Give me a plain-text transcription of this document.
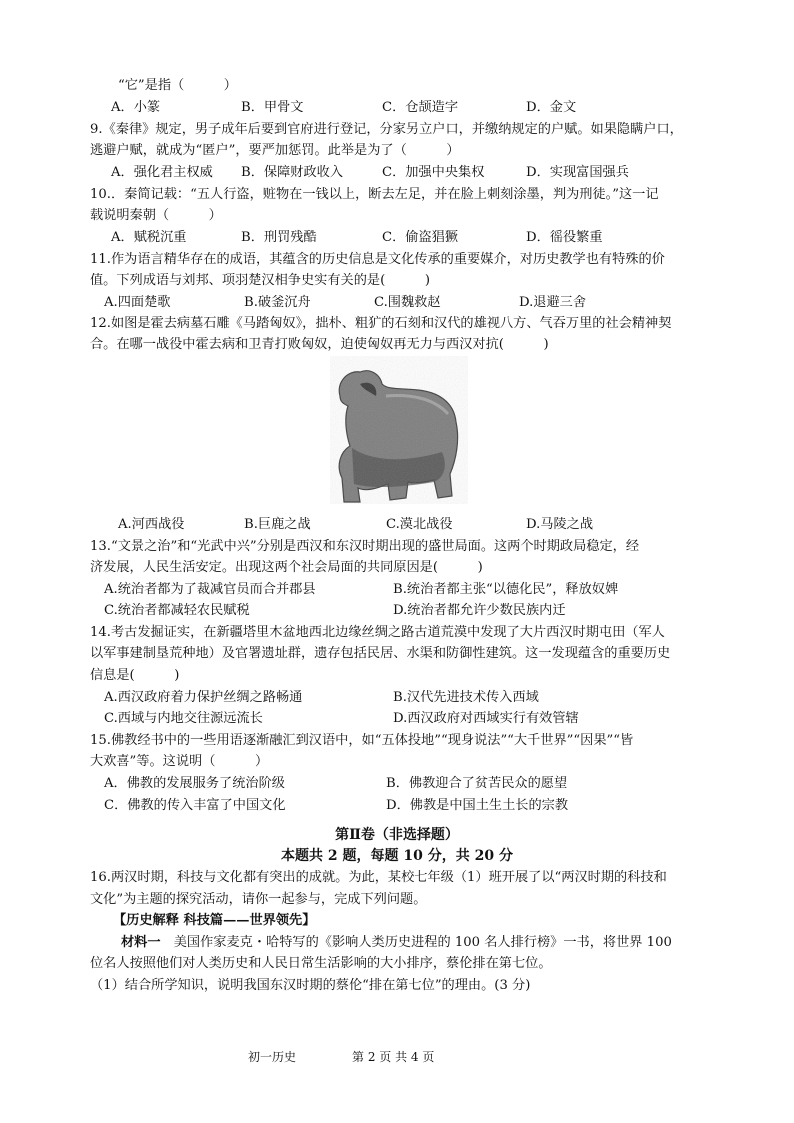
“它”是指（　　　）
A．小篆	B．甲骨文	C．仓颉造字	D．金文
9.《秦律》规定，男子成年后要到官府进行登记，分家另立户口，并缴纳规定的户赋。如果隐瞒户口，
逃避户赋，就成为“匿户”，要严加惩罚。此举是为了（　　　）
A．强化君主权威 B．保障财政收入	C．加强中央集权	D．实现富国强兵
10.．秦简记载：“五人行盗，赃物在一钱以上，断去左足，并在脸上刺刻涂墨，判为刑徒。”这一记
载说明秦朝（　　　）
A．赋税沉重	B．刑罚残酷	C．偷盗猖獗	D．徭役繁重
11.作为语言精华存在的成语，其蕴含的历史信息是文化传承的重要媒介，对历史教学也有特殊的价
值。下列成语与刘邦、项羽楚汉相争史实有关的是(　　　)
A.四面楚歌	B.破釜沉舟	C.围魏救赵	D.退避三舍
12.如图是霍去病墓石雕《马踏匈奴》，拙朴、粗犷的石刻和汉代的雄视八方、气吞万里的社会精神契
合。在哪一战役中霍去病和卫青打败匈奴，迫使匈奴再无力与西汉对抗(　　　)
A.河西战役	B.巨鹿之战	C.漠北战役	D.马陵之战
13.“文景之治”和“光武中兴”分别是西汉和东汉时期出现的盛世局面。这两个时期政局稳定，经
济发展，人民生活安定。出现这两个社会局面的共同原因是(　　　)
A.统治者都为了裁减官员而合并郡县	B.统治者都主张“以德化民”，释放奴婢
C.统治者都减轻农民赋税	D.统治者都允许少数民族内迁
14.考古发掘证实，在新疆塔里木盆地西北边缘丝绸之路古道荒漠中发现了大片西汉时期屯田（军人
以军事建制垦荒种地）及官署遗址群，遗存包括民居、水渠和防御性建筑。这一发现蕴含的重要历史
信息是(　　　)
A.西汉政府着力保护丝绸之路畅通	B.汉代先进技术传入西域
C.西域与内地交往源远流长	D.西汉政府对西域实行有效管辖
15.佛教经书中的一些用语逐渐融汇到汉语中，如“五体投地”“现身说法”“大千世界”“因果”“皆
大欢喜”等。这说明（　　　）
A．佛教的发展服务了统治阶级	B．佛教迎合了贫苦民众的愿望
C．佛教的传入丰富了中国文化	D．佛教是中国土生土长的宗教
第Ⅱ卷（非选择题）
本题共 2 题，每题 10 分，共 20 分
16.两汉时期，科技与文化都有突出的成就。为此，某校七年级（1）班开展了以“两汉时期的科技和
文化”为主题的探究活动，请你一起参与，完成下列问题。
【历史解释 科技篇——世界领先】
材料一　 美国作家麦克・哈特写的《影响人类历史进程的 100 名人排行榜》一书，将世界 100
位名人按照他们对人类历史和人民日常生活影响的大小排序，蔡伦排在第七位。
（1）结合所学知识，说明我国东汉时期的蔡伦“排在第七位”的理由。(3 分)
初一历史	第 2 页 共 4 页
